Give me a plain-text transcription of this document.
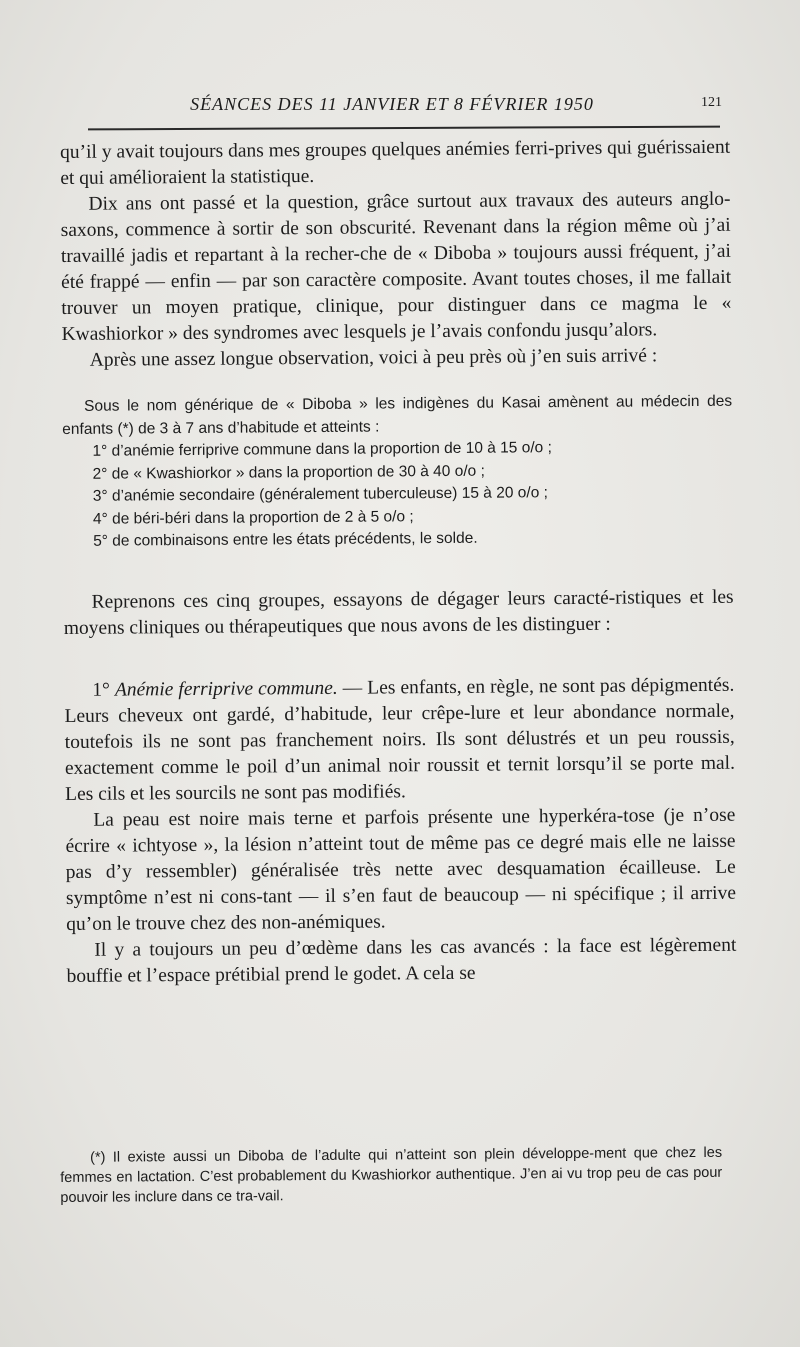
SÉANCES DES 11 JANVIER ET 8 FÉVRIER 1950	121

qu’il y avait toujours dans mes groupes quelques anémies ferri-prives qui guérissaient et qui amélioraient la statistique.

Dix ans ont passé et la question, grâce surtout aux travaux des auteurs anglo-saxons, commence à sortir de son obscurité. Revenant dans la région même où j’ai travaillé jadis et repartant à la recher-che de « Diboba » toujours aussi fréquent, j’ai été frappé — enfin — par son caractère composite. Avant toutes choses, il me fallait trouver un moyen pratique, clinique, pour distinguer dans ce magma le « Kwashiorkor » des syndromes avec lesquels je l’avais confondu jusqu’alors.

Après une assez longue observation, voici à peu près où j’en suis arrivé :

Sous le nom générique de « Diboba » les indigènes du Kasai amènent au médecin des enfants (*) de 3 à 7 ans d’habitude et atteints :

1° d’anémie ferriprive commune dans la proportion de 10 à 15 o/o ;

2° de « Kwashiorkor » dans la proportion de 30 à 40 o/o ;

3° d’anémie secondaire (généralement tuberculeuse) 15 à 20 o/o ;

4° de béri-béri dans la proportion de 2 à 5 o/o ;

5° de combinaisons entre les états précédents, le solde.

Reprenons ces cinq groupes, essayons de dégager leurs caracté-ristiques et les moyens cliniques ou thérapeutiques que nous avons de les distinguer :

1° Anémie ferriprive commune. — Les enfants, en règle, ne sont pas dépigmentés. Leurs cheveux ont gardé, d’habitude, leur crêpe-lure et leur abondance normale, toutefois ils ne sont pas franchement noirs. Ils sont délustrés et un peu roussis, exactement comme le poil d’un animal noir roussit et ternit lorsqu’il se porte mal. Les cils et les sourcils ne sont pas modifiés.

La peau est noire mais terne et parfois présente une hyperkéra-tose (je n’ose écrire « ichtyose », la lésion n’atteint tout de même pas ce degré mais elle ne laisse pas d’y ressembler) généralisée très nette avec desquamation écailleuse. Le symptôme n’est ni cons-tant — il s’en faut de beaucoup — ni spécifique ; il arrive qu’on le trouve chez des non-anémiques.

Il y a toujours un peu d’œdème dans les cas avancés : la face est légèrement bouffie et l’espace prétibial prend le godet. A cela se

(*) Il existe aussi un Diboba de l’adulte qui n’atteint son plein développe-ment que chez les femmes en lactation. C’est probablement du Kwashiorkor authentique. J’en ai vu trop peu de cas pour pouvoir les inclure dans ce tra-vail.
